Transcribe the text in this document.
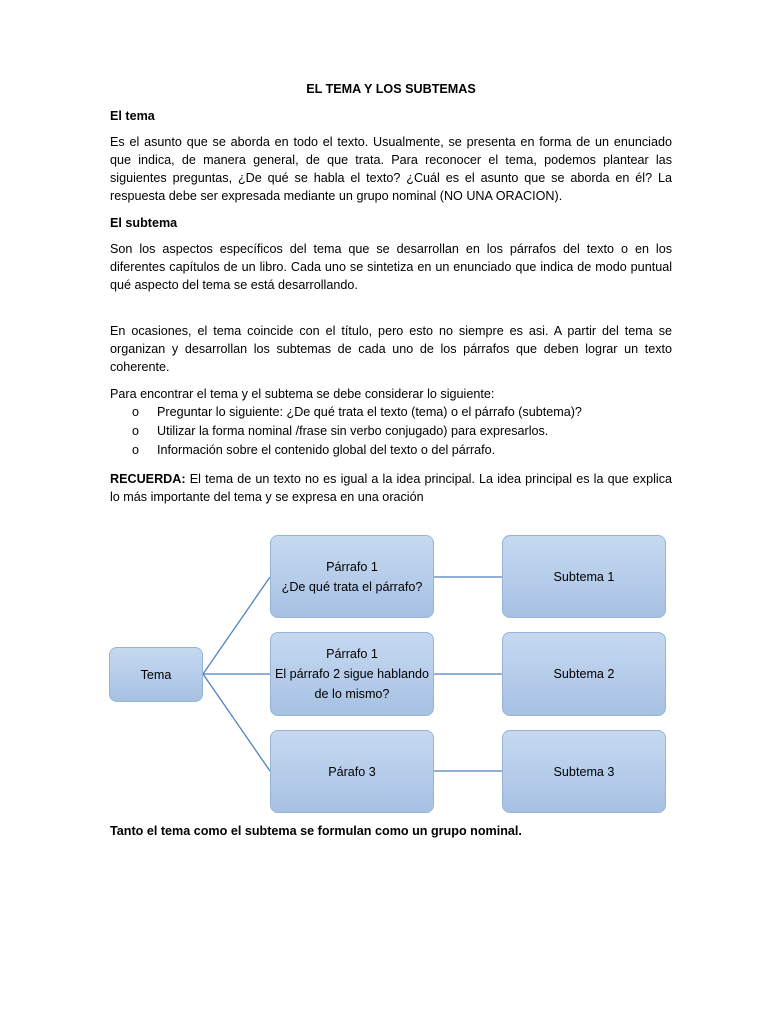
EL TEMA Y LOS SUBTEMAS
El tema
Es el asunto que se aborda en todo el texto. Usualmente, se presenta en forma de un enunciado que indica, de manera general, de que trata. Para reconocer el tema, podemos plantear las siguientes preguntas, ¿De qué se habla el texto? ¿Cuál es el asunto que se aborda en él? La respuesta debe ser expresada mediante un grupo nominal (NO UNA ORACION).
El subtema
Son los aspectos específicos del tema que se desarrollan en los párrafos del texto o en los diferentes capítulos de un libro. Cada uno se sintetiza en un enunciado que indica de modo puntual qué aspecto del tema se está desarrollando.
En ocasiones, el tema coincide con el título, pero esto no siempre es asi. A partir del tema se organizan y desarrollan los subtemas de cada uno de los párrafos que deben lograr un texto coherente.
Para encontrar el tema y el subtema se debe considerar lo siguiente:
o Preguntar lo siguiente: ¿De qué trata el texto (tema) o el párrafo (subtema)?
o Utilizar la forma nominal /frase sin verbo conjugado) para expresarlos.
o Información sobre el contenido global del texto o del párrafo.
RECUERDA: El tema de un texto no es igual a la idea principal. La idea principal es la que explica lo más importante del tema y se expresa en una oración
Tema
Párrafo 1
¿De qué trata el párrafo?
Párrafo 1
El párrafo 2 sigue hablando
de lo mismo?
Párafo 3
Subtema 1
Subtema 2
Subtema 3
Tanto el tema como el subtema se formulan como un grupo nominal.
